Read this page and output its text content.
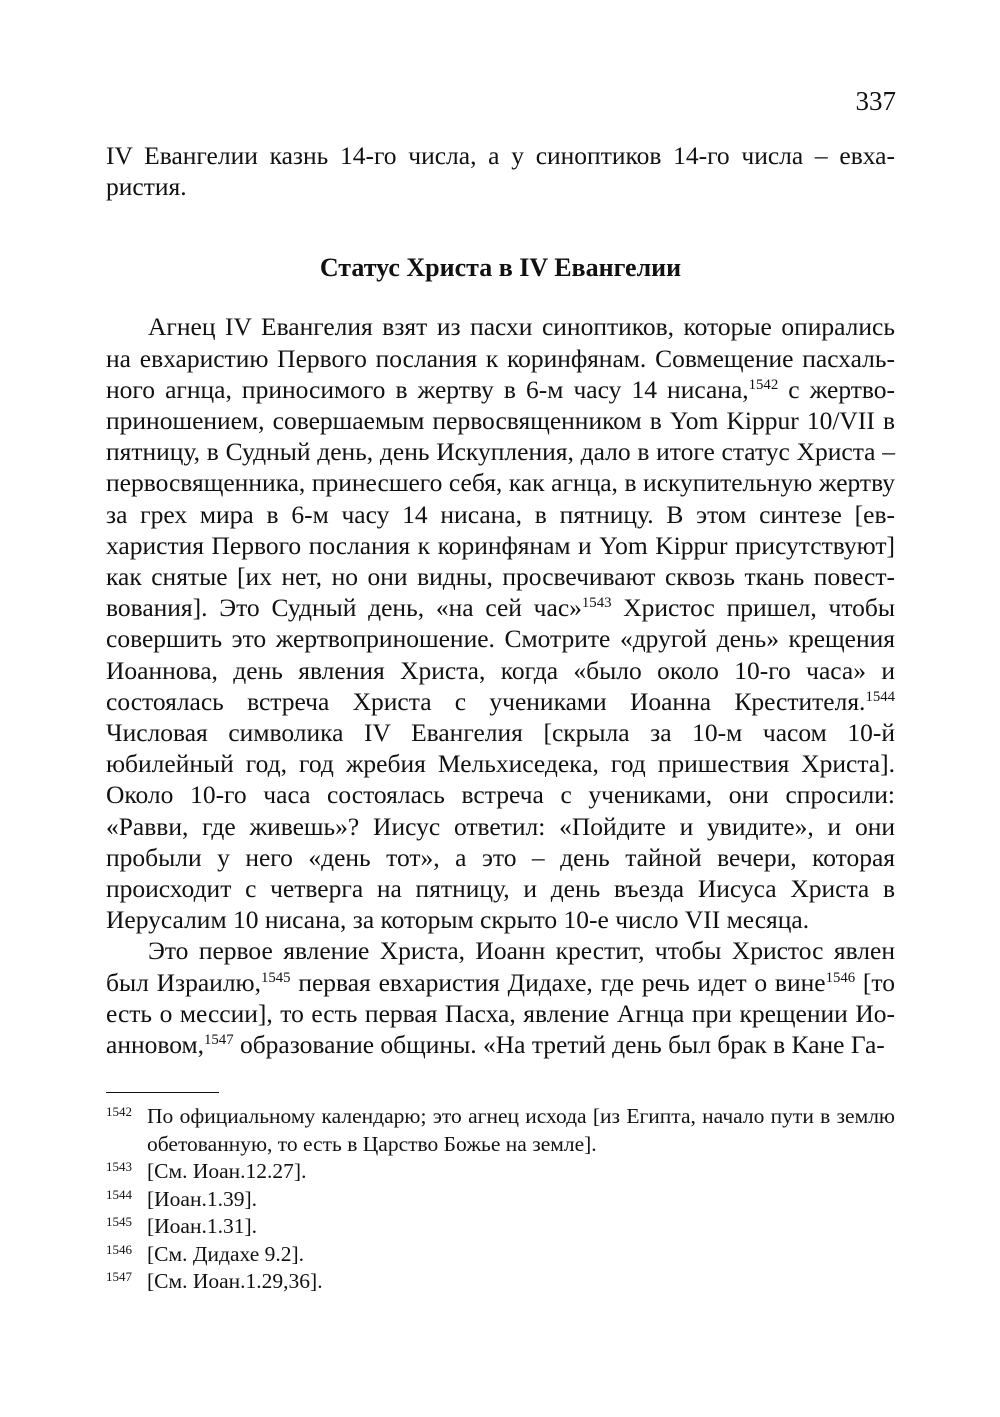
337

IV Евангелии казнь 14-го числа, а у синоптиков 14-го числа – евхаристия.

Статус Христа в IV Евангелии

Агнец IV Евангелия взят из пасхи синоптиков, которые опирались на евхаристию Первого послания к коринфянам. Совмещение пасхального агнца, приносимого в жертву в 6-м часу 14 нисана,$^{1542}$ с жертвоприношением, совершаемым первосвященником в Yom Kippur 10/VII в пятницу, в Судный день, день Искупления, дало в итоге статус Христа – первосвященника, принесшего себя, как агнца, в искупительную жертву за грех мира в 6-м часу 14 нисана, в пятницу. В этом синтезе [евхаристия Первого послания к коринфянам и Yom Kippur присутствуют] как снятые [их нет, но они видны, просвечивают сквозь ткань повествования]. Это Судный день, «на сей час»$^{1543}$ Христос пришел, чтобы совершить это жертвоприношение. Смотрите «другой день» крещения Иоаннова, день явления Христа, когда «было около 10-го часа» и состоялась встреча Христа с учениками Иоанна Крестителя.$^{1544}$ Числовая символика IV Евангелия [скрыла за 10-м часом 10-й юбилейный год, год жребия Мельхиседека, год пришествия Христа]. Около 10-го часа состоялась встреча с учениками, они спросили: «Равви, где живешь»? Иисус ответил: «Пойдите и увидите», и они пробыли у него «день тот», а это – день тайной вечери, которая происходит с четверга на пятницу, и день въезда Иисуса Христа в Иерусалим 10 нисана, за которым скрыто 10-е число VII месяца.

Это первое явление Христа, Иоанн крестит, чтобы Христос явлен был Израилю,$^{1545}$ первая евхаристия Дидахе, где речь идет о вине$^{1546}$ [то есть о мессии], то есть первая Пасха, явление Агнца при крещении Иоанновом,$^{1547}$ образование общины. «На третий день был брак в Кане Га-

1542 По официальному календарю; это агнец исхода [из Египта, начало пути в землю обетованную, то есть в Царство Божье на земле].
1543 [См. Иоан.12.27].
1544 [Иоан.1.39].
1545 [Иоан.1.31].
1546 [См. Дидахе 9.2].
1547 [См. Иоан.1.29,36].
